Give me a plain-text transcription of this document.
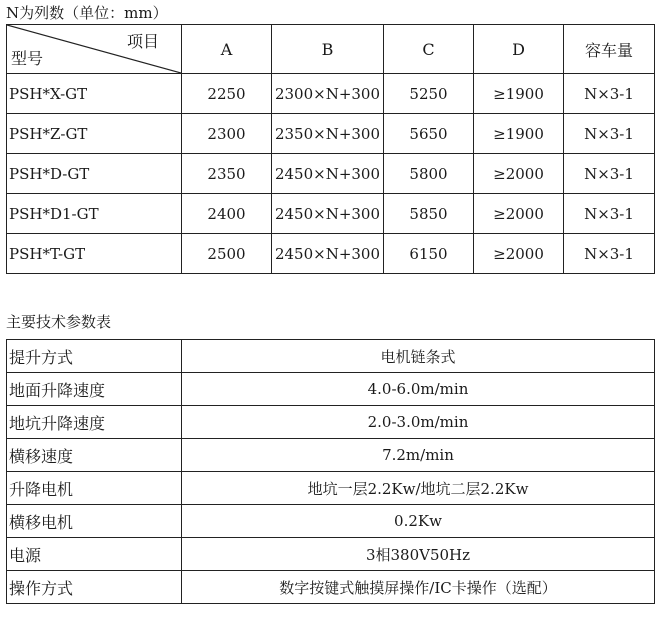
N为列数（单位：mm）
项目
型号	A	B	C	D	容车量
PSH*X-GT	2250	2300×N+300	5250	≥1900	N×3-1
PSH*Z-GT	2300	2350×N+300	5650	≥1900	N×3-1
PSH*D-GT	2350	2450×N+300	5800	≥2000	N×3-1
PSH*D1-GT	2400	2450×N+300	5850	≥2000	N×3-1
PSH*T-GT	2500	2450×N+300	6150	≥2000	N×3-1
主要技术参数表
提升方式	电机链条式
地面升降速度	4.0-6.0m/min
地坑升降速度	2.0-3.0m/min
横移速度	7.2m/min
升降电机	地坑一层2.2Kw/地坑二层2.2Kw
横移电机	0.2Kw
电源	3相380V50Hz
操作方式	数字按键式触摸屏操作/IC卡操作（选配）
